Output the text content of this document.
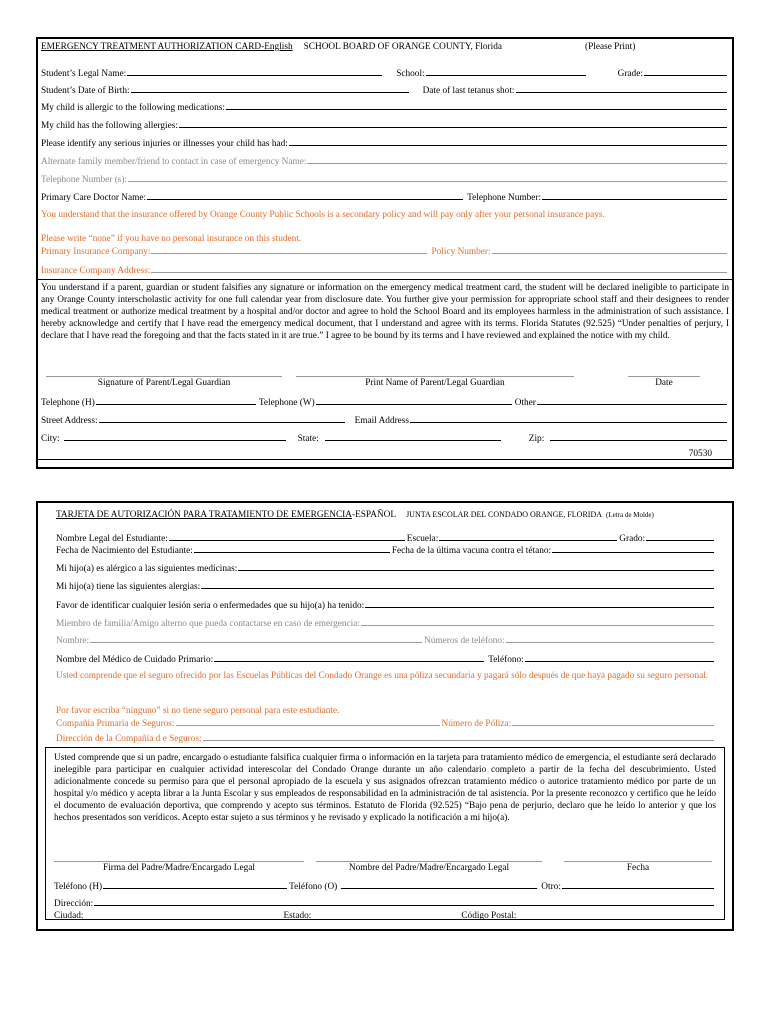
EMERGENCY TREATMENT AUTHORIZATION CARD-English SCHOOL BOARD OF ORANGE COUNTY, Florida	(Please Print)
Student’s Legal Name:	School:	Grade:
Student’s Date of Birth:	Date of last tetanus shot:
My child is allergic to the following medications:
My child has the following allergies:
Please identify any serious injuries or illnesses your child has had:
Alternate family member/friend to contact in case of emergency Name:
Telephone Number (s):
Primary Care Doctor Name:	Telephone Number:
You understand that the insurance offered by Orange County Public Schools is a secondary policy and will pay only after your personal insurance pays.
Please write “none” if you have no personal insurance on this student.
Primary Insurance Company:	Policy Number:
Insurance Company Address:
You understand if a parent, guardian or student falsifies any signature or information on the emergency medical treatment card, the student will be declared ineligible to participate in any Orange County interscholastic activity for one full calendar year from disclosure date. You further give your permission for appropriate school staff and their designees to render medical treatment or authorize medical treatment by a hospital and/or doctor and agree to hold the School Board and its employees harmless in the administration of such assistance. I hereby acknowledge and certify that I have read the emergency medical document, that I understand and agree with its terms. Florida Statutes (92.525) “Under penalties of perjury, I declare that I have read the foregoing and that the facts stated in it are true.” I agree to be bound by its terms and I have reviewed and explained the notice with my child.
Signature of Parent/Legal Guardian	Print Name of Parent/Legal Guardian	Date
Telephone (H)	Telephone (W)	Other
Street Address:	Email Address
City:	State:	Zip:
70530
TARJETA DE AUTORIZACIÓN PARA TRATAMIENTO DE EMERGENCIA -ESPAÑOL JUNTA ESCOLAR DEL CONDADO ORANGE, FLORIDA (Letra de Molde)
Nombre Legal del Estudiante:	Escuela:	Grado:
Fecha de Nacimiento del Estudiante:	Fecha de la última vacuna contra el tétano:
Mi hijo(a) es alérgico a las siguientes medicinas:
Mi hijo(a) tiene las siguientes alergias:
Favor de identificar cualquier lesión seria o enfermedades que su hijo(a) ha tenido:
Miembro de familia/Amigo alterno que pueda contactarse en caso de emergencia:
Nombre:	Números de teléfono:
Nombre del Médico de Cuidado Primario:	Teléfono:
Usted comprende que el seguro ofrecido por las Escuelas Públicas del Condado Orange es una póliza secundaria y pagará sólo después de que haya pagado su seguro personal.
Por favor escriba “ninguno” si no tiene seguro personal para este estudiante.
Compañía Primaria de Seguros:	Número de Póliza:
Dirección de la Compañía d e Seguros:
Usted comprende que si un padre, encargado o estudiante falsifica cualquier firma o información en la tarjeta para tratamiento médico de emergencia, el estudiante será declarado inelegible para participar en cualquier actividad interescolar del Condado Orange durante un año calendario completo a partir de la fecha del descubrimiento. Usted adicionalmente concede su permiso para que el personal apropiado de la escuela y sus asignados ofrezcan tratamiento médico o autorice tratamiento médico por parte de un hospital y/o médico y acepta librar a la Junta Escolar y sus empleados de responsabilidad en la administración de tal asistencia. Por la presente reconozco y certifico que he leído el documento de evaluación deportiva, que comprendo y acepto sus términos. Estatuto de Florida (92.525) “Bajo pena de perjurio, declaro que he leído lo anterior y que los hechos presentados son verídicos. Acepto estar sujeto a sus términos y he revisado y explicado la notificación a mi hijo(a).
Firma del Padre/Madre/Encargado Legal	Nombre del Padre/Madre/Encargado Legal	Fecha
Teléfono (H)	Teléfono (O)	Otro:
Dirección:
Ciudad:	Estado:	Código Postal:
